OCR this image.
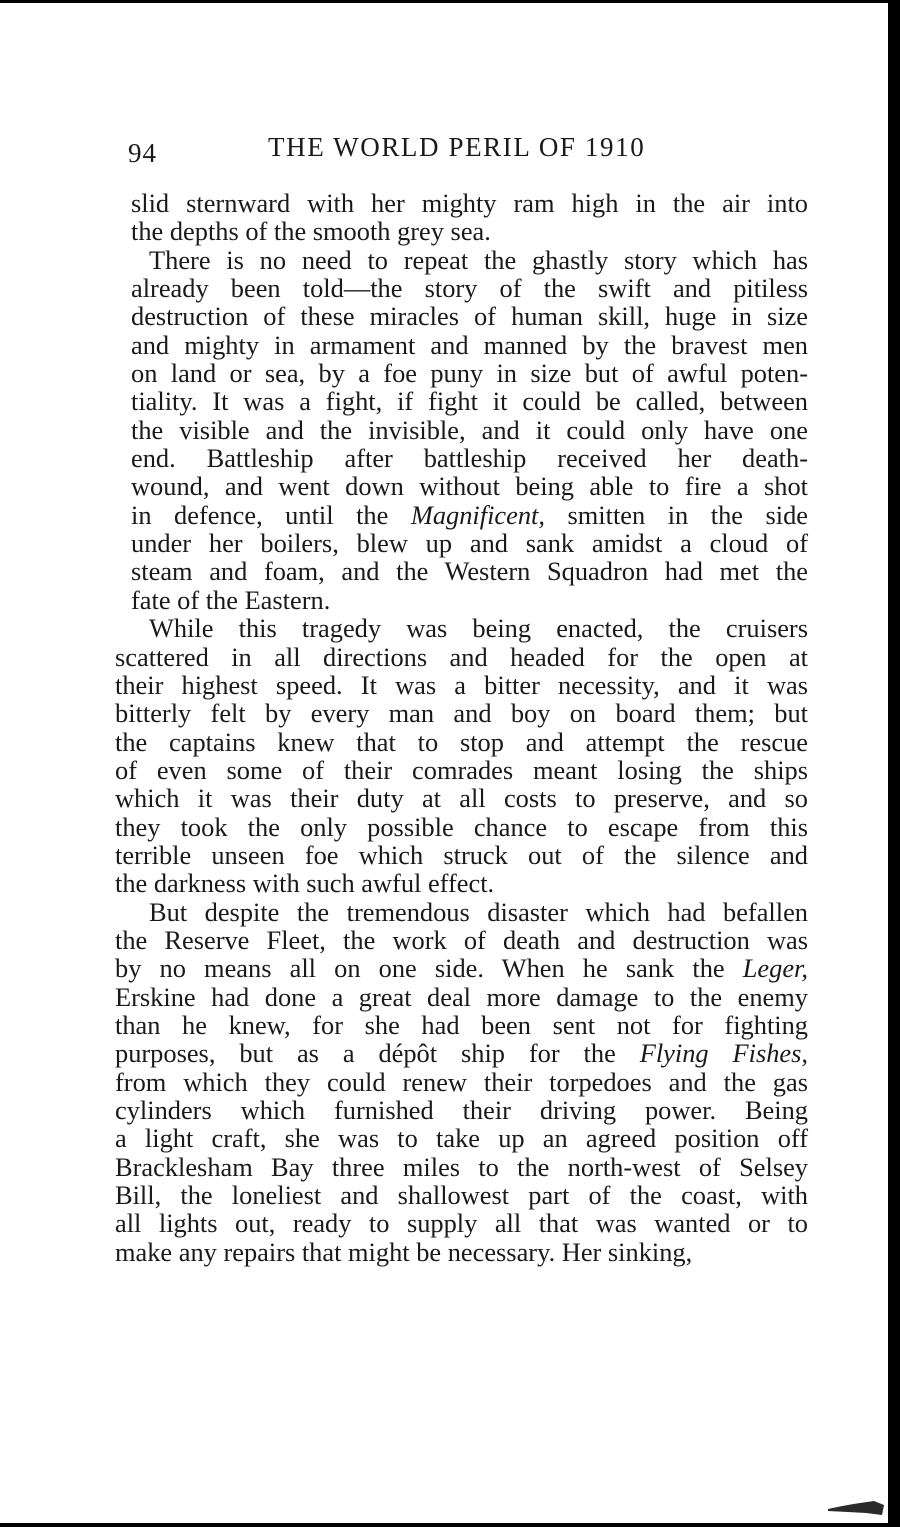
94	THE WORLD PERIL OF 1910
slid sternward with her mighty ram high in the air into
the depths of the smooth grey sea.
There is no need to repeat the ghastly story which has
already been told—the story of the swift and pitiless
destruction of these miracles of human skill, huge in size
and mighty in armament and manned by the bravest men
on land or sea, by a foe puny in size but of awful poten-
tiality. It was a fight, if fight it could be called, between
the visible and the invisible, and it could only have one
end. Battleship after battleship received her death-
wound, and went down without being able to fire a shot
in defence, until the Magnificent, smitten in the side
under her boilers, blew up and sank amidst a cloud of
steam and foam, and the Western Squadron had met the
fate of the Eastern.
While this tragedy was being enacted, the cruisers
scattered in all directions and headed for the open at
their highest speed. It was a bitter necessity, and it was
bitterly felt by every man and boy on board them; but
the captains knew that to stop and attempt the rescue
of even some of their comrades meant losing the ships
which it was their duty at all costs to preserve, and so
they took the only possible chance to escape from this
terrible unseen foe which struck out of the silence and
the darkness with such awful effect.
But despite the tremendous disaster which had befallen
the Reserve Fleet, the work of death and destruction was
by no means all on one side. When he sank the Leger,
Erskine had done a great deal more damage to the enemy
than he knew, for she had been sent not for fighting
purposes, but as a dépôt ship for the Flying Fishes,
from which they could renew their torpedoes and the gas
cylinders which furnished their driving power. Being
a light craft, she was to take up an agreed position off
Bracklesham Bay three miles to the north-west of Selsey
Bill, the loneliest and shallowest part of the coast, with
all lights out, ready to supply all that was wanted or to
make any repairs that might be necessary. Her sinking,
